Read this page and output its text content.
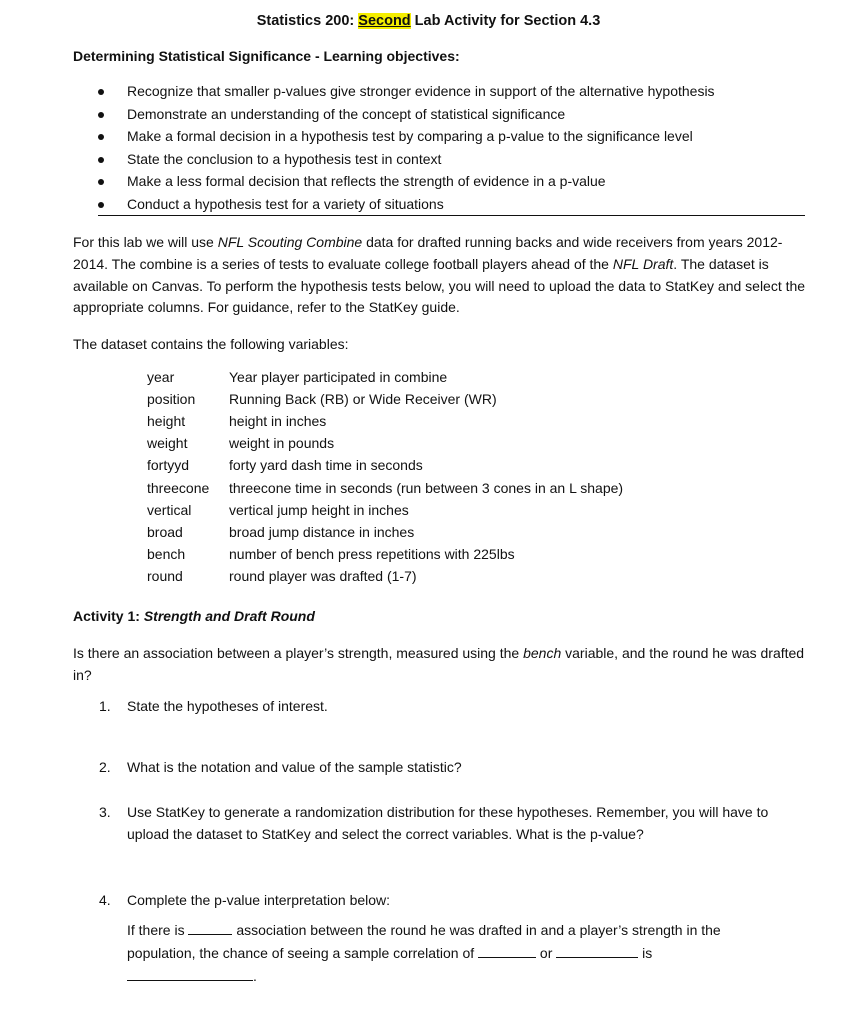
Statistics 200: Second Lab Activity for Section 4.3
Determining Statistical Significance - Learning objectives:
Recognize that smaller p-values give stronger evidence in support of the alternative hypothesis
Demonstrate an understanding of the concept of statistical significance
Make a formal decision in a hypothesis test by comparing a p-value to the significance level
State the conclusion to a hypothesis test in context
Make a less formal decision that reflects the strength of evidence in a p-value
Conduct a hypothesis test for a variety of situations
For this lab we will use NFL Scouting Combine data for drafted running backs and wide receivers from years 2012-2014. The combine is a series of tests to evaluate college football players ahead of the NFL Draft. The dataset is available on Canvas. To perform the hypothesis tests below, you will need to upload the data to StatKey and select the appropriate columns. For guidance, refer to the StatKey guide.
The dataset contains the following variables:
year	Year player participated in combine
position	Running Back (RB) or Wide Receiver (WR)
height	height in inches
weight	weight in pounds
fortyyd	forty yard dash time in seconds
threecone	threecone time in seconds (run between 3 cones in an L shape)
vertical	vertical jump height in inches
broad	broad jump distance in inches
bench	number of bench press repetitions with 225lbs
round	round player was drafted (1-7)
Activity 1: Strength and Draft Round
Is there an association between a player’s strength, measured using the bench variable, and the round he was drafted in?
1. State the hypotheses of interest.
2. What is the notation and value of the sample statistic?
3. Use StatKey to generate a randomization distribution for these hypotheses. Remember, you will have to upload the dataset to StatKey and select the correct variables. What is the p-value?
4. Complete the p-value interpretation below:
If there is	association between the round he was drafted in and a player’s strength in the
population, the chance of seeing a sample correlation of	or	is
.
